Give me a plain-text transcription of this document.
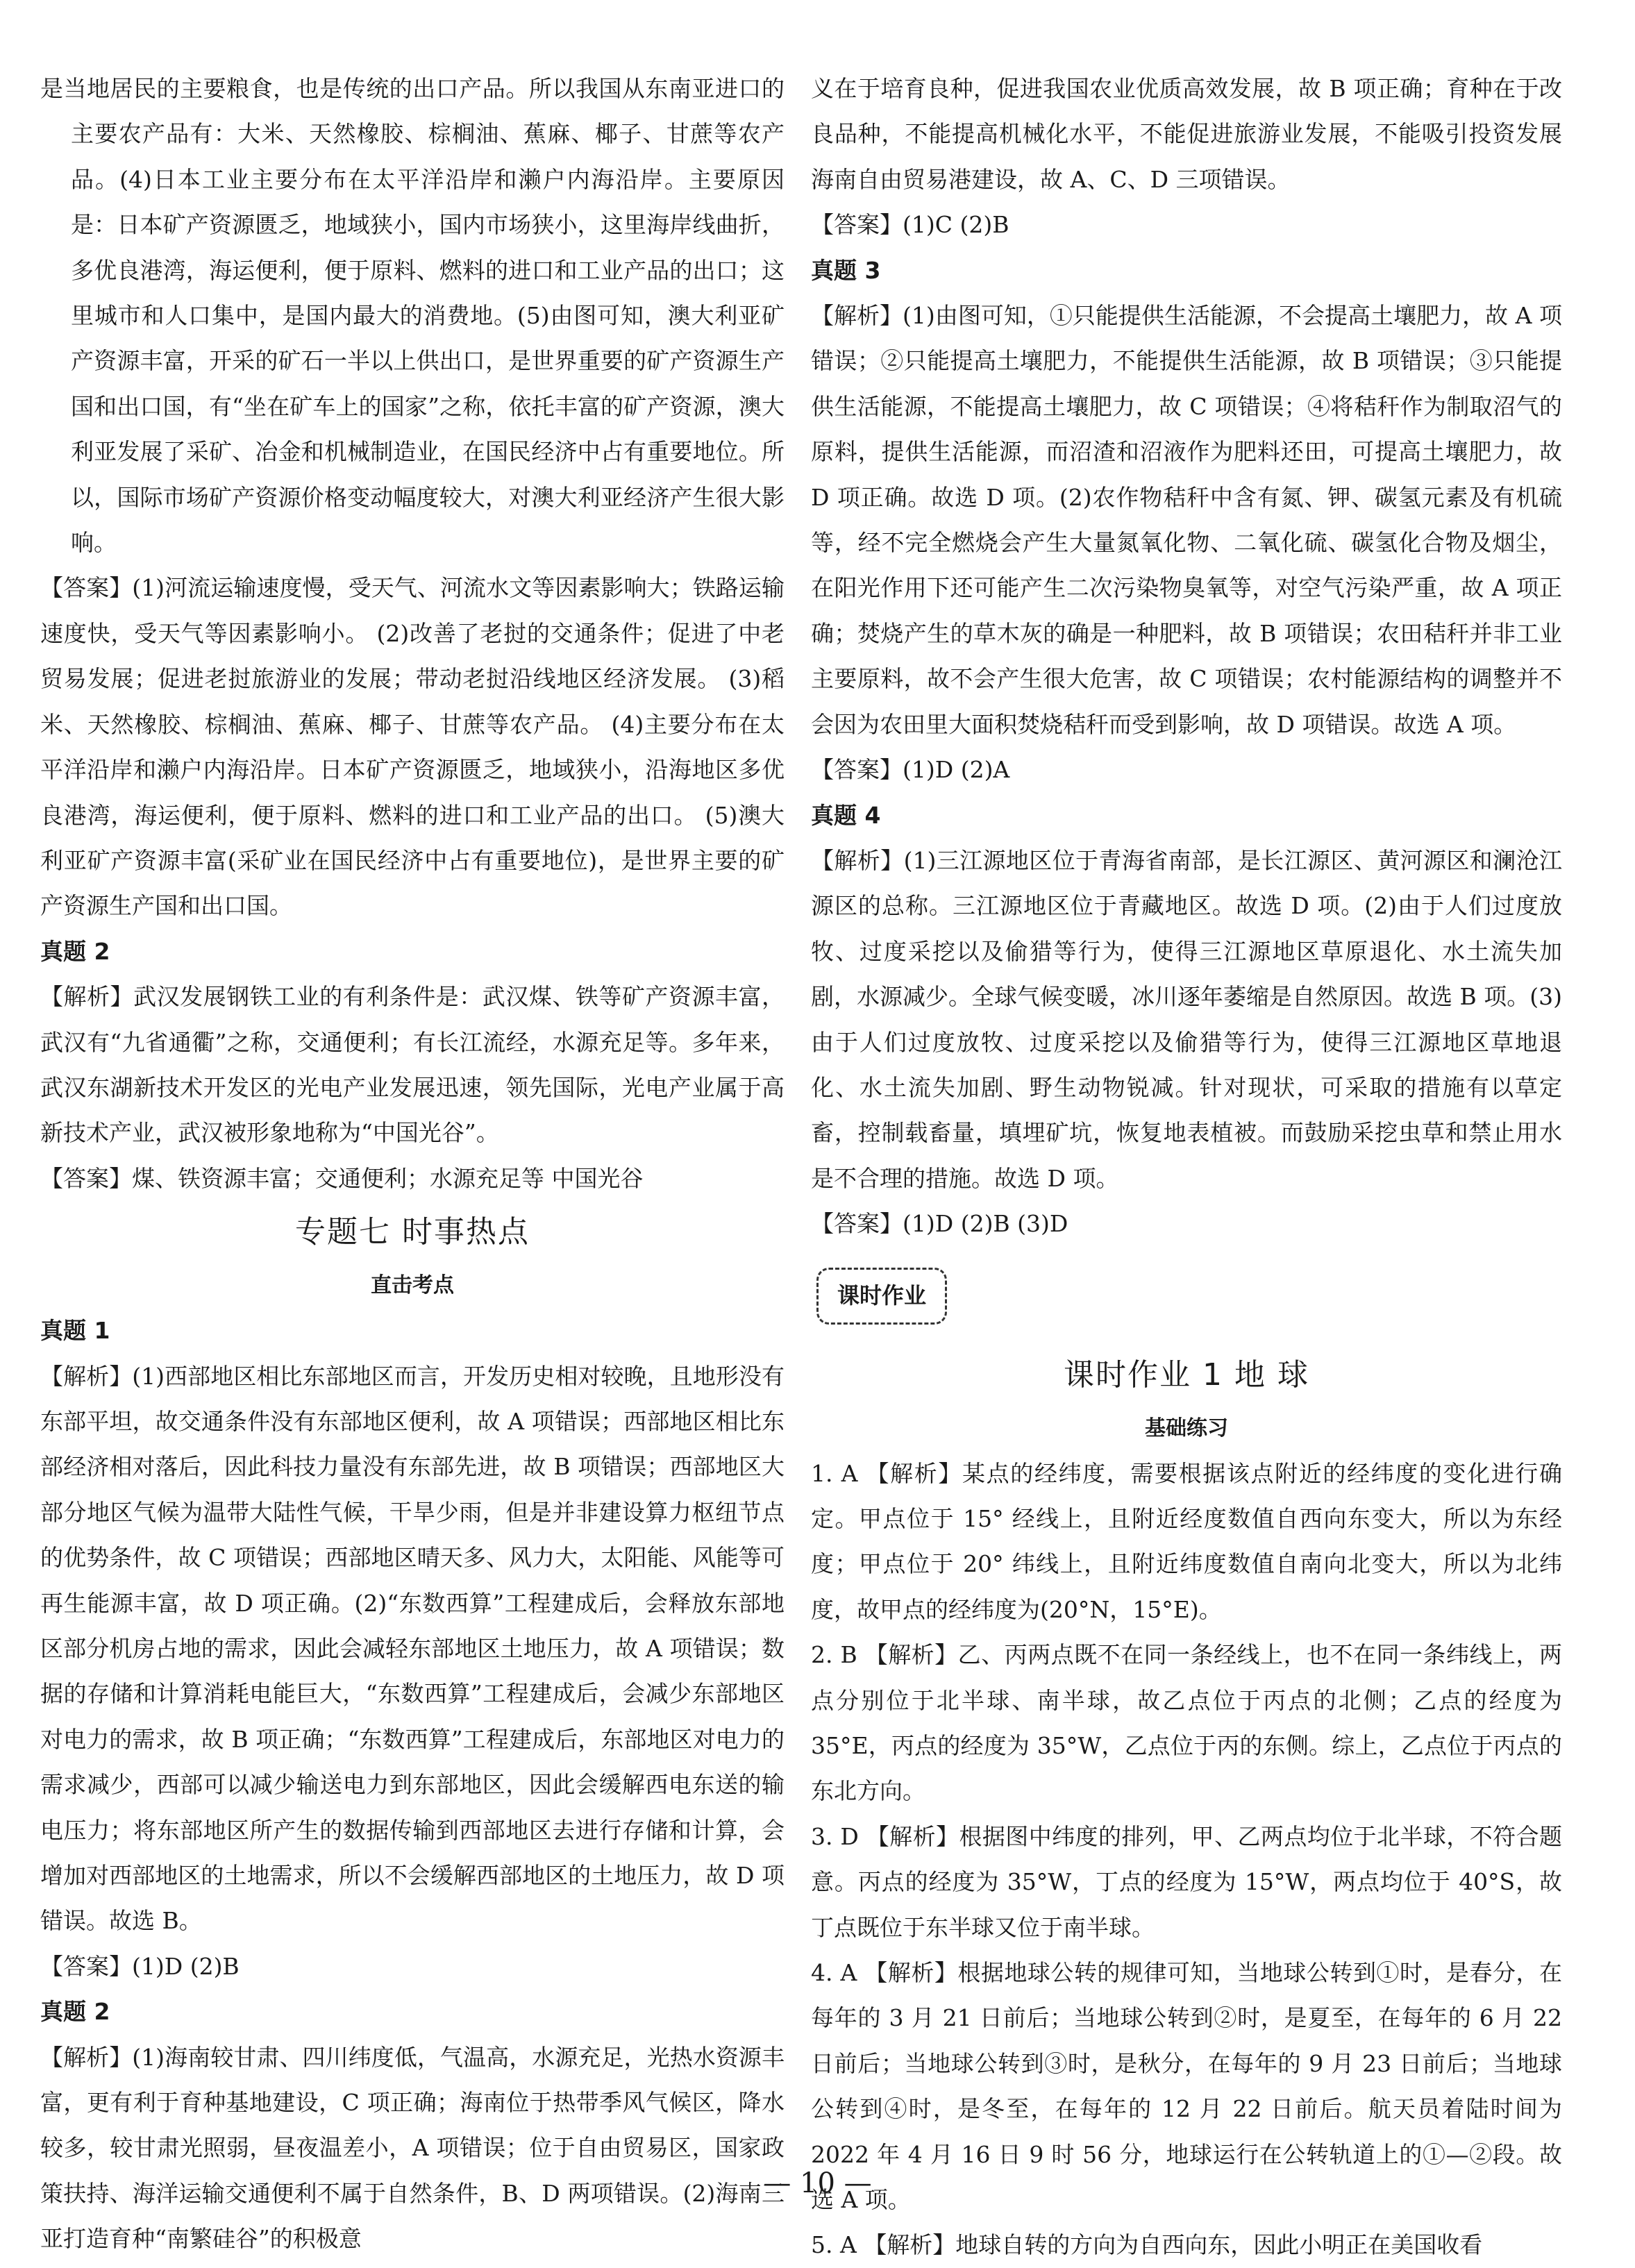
是当地居民的主要粮食，也是传统的出口产品。所以我国从东南亚进口的主要农产品有：大米、天然橡胶、棕榈油、蕉麻、椰子、甘蔗等农产品。(4)日本工业主要分布在太平洋沿岸和濑户内海沿岸。主要原因是：日本矿产资源匮乏，地域狭小，国内市场狭小，这里海岸线曲折，多优良港湾，海运便利，便于原料、燃料的进口和工业产品的出口；这里城市和人口集中，是国内最大的消费地。(5)由图可知，澳大利亚矿产资源丰富，开采的矿石一半以上供出口，是世界重要的矿产资源生产国和出口国，有“坐在矿车上的国家”之称，依托丰富的矿产资源，澳大利亚发展了采矿、冶金和机械制造业，在国民经济中占有重要地位。所以，国际市场矿产资源价格变动幅度较大，对澳大利亚经济产生很大影响。

【答案】(1)河流运输速度慢，受天气、河流水文等因素影响大；铁路运输速度快，受天气等因素影响小。 (2)改善了老挝的交通条件；促进了中老贸易发展；促进老挝旅游业的发展；带动老挝沿线地区经济发展。 (3)稻米、天然橡胶、棕榈油、蕉麻、椰子、甘蔗等农产品。 (4)主要分布在太平洋沿岸和濑户内海沿岸。日本矿产资源匮乏，地域狭小，沿海地区多优良港湾，海运便利，便于原料、燃料的进口和工业产品的出口。 (5)澳大利亚矿产资源丰富(采矿业在国民经济中占有重要地位)，是世界主要的矿产资源生产国和出口国。

真题 2

【解析】武汉发展钢铁工业的有利条件是：武汉煤、铁等矿产资源丰富，武汉有“九省通衢”之称，交通便利；有长江流经，水源充足等。多年来，武汉东湖新技术开发区的光电产业发展迅速，领先国际，光电产业属于高新技术产业，武汉被形象地称为“中国光谷”。

【答案】煤、铁资源丰富；交通便利；水源充足等 中国光谷

专题七 时事热点
直击考点

真题 1

【解析】(1)西部地区相比东部地区而言，开发历史相对较晚，且地形没有东部平坦，故交通条件没有东部地区便利，故 A 项错误；西部地区相比东部经济相对落后，因此科技力量没有东部先进，故 B 项错误；西部地区大部分地区气候为温带大陆性气候，干旱少雨，但是并非建设算力枢纽节点的优势条件，故 C 项错误；西部地区晴天多、风力大，太阳能、风能等可再生能源丰富，故 D 项正确。(2)“东数西算”工程建成后，会释放东部地区部分机房占地的需求，因此会减轻东部地区土地压力，故 A 项错误；数据的存储和计算消耗电能巨大，“东数西算”工程建成后，会减少东部地区对电力的需求，故 B 项正确；“东数西算”工程建成后，东部地区对电力的需求减少，西部可以减少输送电力到东部地区，因此会缓解西电东送的输电压力；将东部地区所产生的数据传输到西部地区去进行存储和计算，会增加对西部地区的土地需求，所以不会缓解西部地区的土地压力，故 D 项错误。故选 B。

【答案】(1)D (2)B

真题 2

【解析】(1)海南较甘肃、四川纬度低，气温高，水源充足，光热水资源丰富，更有利于育种基地建设，C 项正确；海南位于热带季风气候区，降水较多，较甘肃光照弱，昼夜温差小，A 项错误；位于自由贸易区，国家政策扶持、海洋运输交通便利不属于自然条件，B、D 两项错误。(2)海南三亚打造育种“南繁硅谷”的积极意

义在于培育良种，促进我国农业优质高效发展，故 B 项正确；育种在于改良品种，不能提高机械化水平，不能促进旅游业发展，不能吸引投资发展海南自由贸易港建设，故 A、C、D 三项错误。

【答案】(1)C (2)B

真题 3

【解析】(1)由图可知，①只能提供生活能源，不会提高土壤肥力，故 A 项错误；②只能提高土壤肥力，不能提供生活能源，故 B 项错误；③只能提供生活能源，不能提高土壤肥力，故 C 项错误；④将秸秆作为制取沼气的原料，提供生活能源，而沼渣和沼液作为肥料还田，可提高土壤肥力，故 D 项正确。故选 D 项。(2)农作物秸秆中含有氮、钾、碳氢元素及有机硫等，经不完全燃烧会产生大量氮氧化物、二氧化硫、碳氢化合物及烟尘，在阳光作用下还可能产生二次污染物臭氧等，对空气污染严重，故 A 项正确；焚烧产生的草木灰的确是一种肥料，故 B 项错误；农田秸秆并非工业主要原料，故不会产生很大危害，故 C 项错误；农村能源结构的调整并不会因为农田里大面积焚烧秸秆而受到影响，故 D 项错误。故选 A 项。

【答案】(1)D (2)A

真题 4

【解析】(1)三江源地区位于青海省南部，是长江源区、黄河源区和澜沧江源区的总称。三江源地区位于青藏地区。故选 D 项。(2)由于人们过度放牧、过度采挖以及偷猎等行为，使得三江源地区草原退化、水土流失加剧，水源减少。全球气候变暖，冰川逐年萎缩是自然原因。故选 B 项。(3)由于人们过度放牧、过度采挖以及偷猎等行为，使得三江源地区草地退化、水土流失加剧、野生动物锐减。针对现状，可采取的措施有以草定畜，控制载畜量，填埋矿坑，恢复地表植被。而鼓励采挖虫草和禁止用水是不合理的措施。故选 D 项。

【答案】(1)D (2)B (3)D

课时作业
课时作业 1 地 球
基础练习

1. A 【解析】某点的经纬度，需要根据该点附近的经纬度的变化进行确定。甲点位于 15° 经线上，且附近经度数值自西向东变大，所以为东经度；甲点位于 20° 纬线上，且附近纬度数值自南向北变大，所以为北纬度，故甲点的经纬度为(20°N，15°E)。

2. B 【解析】乙、丙两点既不在同一条经线上，也不在同一条纬线上，两点分别位于北半球、南半球，故乙点位于丙点的北侧；乙点的经度为 35°E，丙点的经度为 35°W，乙点位于丙的东侧。综上，乙点位于丙点的东北方向。

3. D 【解析】根据图中纬度的排列，甲、乙两点均位于北半球，不符合题意。丙点的经度为 35°W，丁点的经度为 15°W，两点均位于 40°S，故丁点既位于东半球又位于南半球。

4. A 【解析】根据地球公转的规律可知，当地球公转到①时，是春分，在每年的 3 月 21 日前后；当地球公转到②时，是夏至，在每年的 6 月 22 日前后；当地球公转到③时，是秋分，在每年的 9 月 23 日前后；当地球公转到④时，是冬至，在每年的 12 月 22 日前后。航天员着陆时间为 2022 年 4 月 16 日 9 时 56 分，地球运行在公转轨道上的①—②段。故选 A 项。

5. A 【解析】地球自转的方向为自西向东，因此小明正在美国收看

— 10 —
